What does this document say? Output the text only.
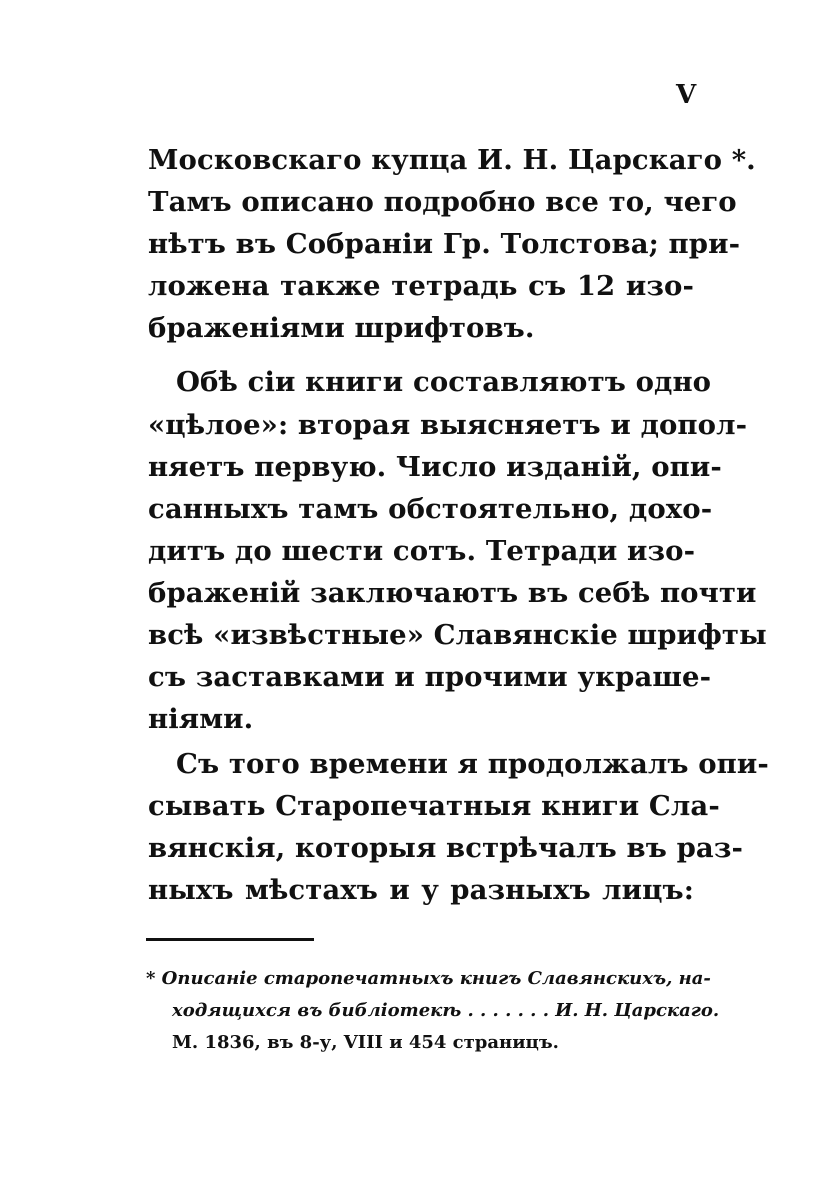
V
Московскаго купца И. Н. Царскаго *.
Тамъ описано подробно все то, чего
нѣтъ въ Собранiи Гр. Толстова; при-
ложена также тетрадь съ 12 изо-
браженiями шрифтовъ.
Обѣ сiи книги составляютъ одно
«цѣлое»: вторая выясняетъ и допол-
няетъ первую. Число изданiй, опи-
санныхъ тамъ обстоятельно, дохо-
дитъ до шести сотъ. Тетради изо-
браженiй заключаютъ въ себѣ почти
всѣ «извѣстные» Славянскiе шрифты
съ заставками и прочими украше-
нiями.
Съ того времени я продолжалъ опи-
сывать Старопечатныя книги Сла-
вянскiя, которыя встрѣчалъ въ раз-
ныхъ мѣстахъ и у разныхъ лицъ:
* Описанiе старопечатныхъ книгъ Славянскихъ, на-
ходящихся въ библiотекѣ . . . . . . . И. Н. Царскаго.
М. 1836, въ 8-у, VIII и 454 страницъ.
